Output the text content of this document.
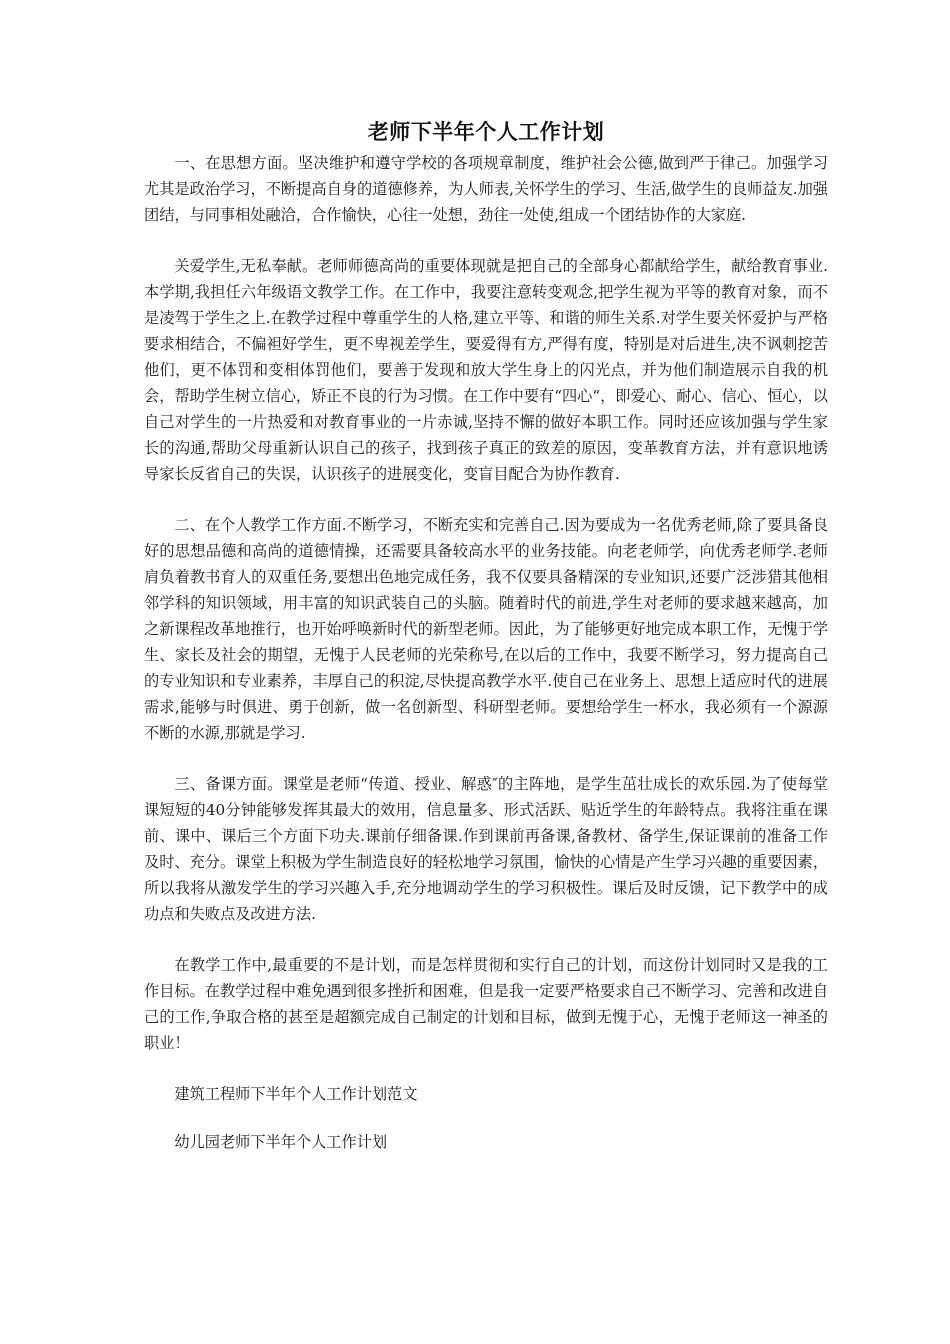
老师下半年个人工作计划

一、在思想方面。坚决维护和遵守学校的各项规章制度，维护社会公德,做到严于律己。加强学习尤其是政治学习，不断提高自身的道德修养，为人师表,关怀学生的学习、生活,做学生的良师益友.加强团结，与同事相处融洽，合作愉快，心往一处想，劲往一处使,组成一个团结协作的大家庭.

关爱学生,无私奉献。老师师德高尚的重要体现就是把自己的全部身心都献给学生，献给教育事业.本学期,我担任六年级语文教学工作。在工作中，我要注意转变观念,把学生视为平等的教育对象，而不是凌驾于学生之上.在教学过程中尊重学生的人格,建立平等、和谐的师生关系.对学生要关怀爱护与严格要求相结合，不偏袒好学生，更不卑视差学生，要爱得有方,严得有度，特别是对后进生,决不讽刺挖苦他们，更不体罚和变相体罚他们，要善于发现和放大学生身上的闪光点，并为他们制造展示自我的机会，帮助学生树立信心，矫正不良的行为习惯。在工作中要有“四心“，即爱心、耐心、信心、恒心，以自己对学生的一片热爱和对教育事业的一片赤诚,坚持不懈的做好本职工作。同时还应该加强与学生家长的沟通,帮助父母重新认识自己的孩子，找到孩子真正的致差的原因，变革教育方法，并有意识地诱导家长反省自己的失误，认识孩子的进展变化，变盲目配合为协作教育.

二、在个人教学工作方面.不断学习，不断充实和完善自己.因为要成为一名优秀老师,除了要具备良好的思想品德和高尚的道德情操，还需要具备较高水平的业务技能。向老老师学，向优秀老师学.老师肩负着教书育人的双重任务,要想出色地完成任务，我不仅要具备精深的专业知识,还要广泛涉猎其他相邻学科的知识领域，用丰富的知识武装自己的头脑。随着时代的前进,学生对老师的要求越来越高，加之新课程改革地推行，也开始呼唤新时代的新型老师。因此，为了能够更好地完成本职工作，无愧于学生、家长及社会的期望，无愧于人民老师的光荣称号,在以后的工作中，我要不断学习，努力提高自己的专业知识和专业素养，丰厚自己的积淀,尽快提高教学水平.使自己在业务上、思想上适应时代的进展需求,能够与时俱进、勇于创新，做一名创新型、科研型老师。要想给学生一杯水，我必须有一个源源不断的水源,那就是学习.

三、备课方面。课堂是老师“传道、授业、解惑″的主阵地，是学生茁壮成长的欢乐园.为了使每堂课短短的40分钟能够发挥其最大的效用，信息量多、形式活跃、贴近学生的年龄特点。我将注重在课前、课中、课后三个方面下功夫.课前仔细备课.作到课前再备课,备教材、备学生,保证课前的准备工作及时、充分。课堂上积极为学生制造良好的轻松地学习氛围，愉快的心情是产生学习兴趣的重要因素，所以我将从激发学生的学习兴趣入手,充分地调动学生的学习积极性。课后及时反馈，记下教学中的成功点和失败点及改进方法.

在教学工作中,最重要的不是计划，而是怎样贯彻和实行自己的计划，而这份计划同时又是我的工作目标。在教学过程中难免遇到很多挫折和困难，但是我一定要严格要求自己不断学习、完善和改进自己的工作,争取合格的甚至是超额完成自己制定的计划和目标，做到无愧于心，无愧于老师这一神圣的职业！

建筑工程师下半年个人工作计划范文
幼儿园老师下半年个人工作计划
